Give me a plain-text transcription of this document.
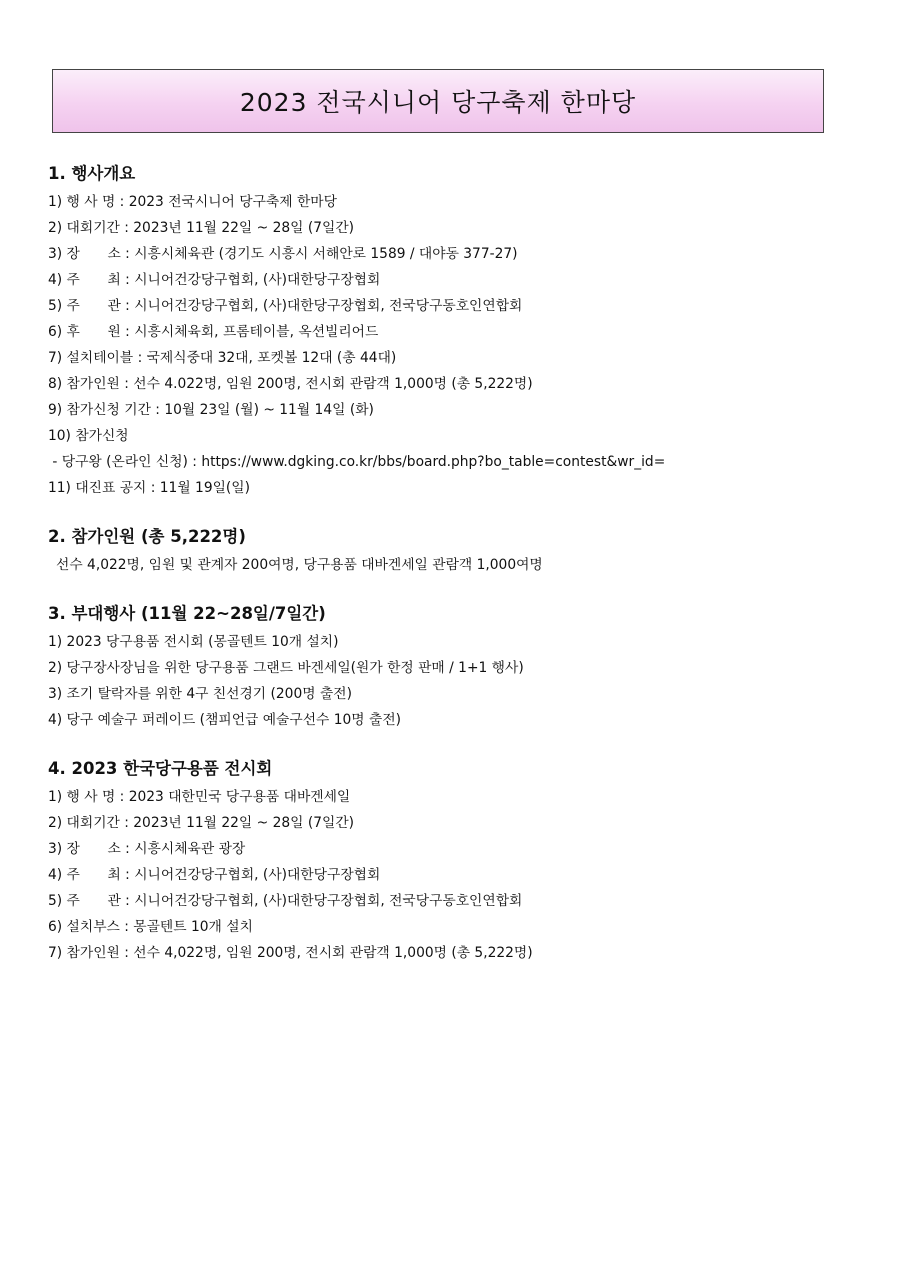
2023 전국시니어 당구축제 한마당
1. 행사개요
1) 행 사 명 : 2023 전국시니어 당구축제 한마당
2) 대회기간 : 2023년 11월 22일 ~ 28일 (7일간)
3) 장　　소 : 시흥시체육관 (경기도 시흥시 서해안로 1589 / 대야동 377-27)
4) 주　　최 : 시니어건강당구협회, (사)대한당구장협회
5) 주　　관 : 시니어건강당구협회, (사)대한당구장협회, 전국당구동호인연합회
6) 후　　원 : 시흥시체육회, 프롬테이블, 옥션빌리어드
7) 설치테이블 : 국제식중대 32대, 포켓볼 12대 (총 44대)
8) 참가인원 : 선수 4.022명, 임원 200명, 전시회 관람객 1,000명 (총 5,222명)
9) 참가신청 기간 : 10월 23일 (월) ~ 11월 14일 (화)
10) 참가신청
- 당구왕 (온라인 신청) : https://www.dgking.co.kr/bbs/board.php?bo_table=contest&wr_id=
11) 대진표 공지 : 11월 19일(일)
2. 참가인원 (총 5,222명)
선수 4,022명, 임원 및 관계자 200여명, 당구용품 대바겐세일 관람객 1,000여명
3. 부대행사 (11월 22~28일/7일간)
1) 2023 당구용품 전시회 (몽골텐트 10개 설치)
2) 당구장사장님을 위한 당구용품 그랜드 바겐세일(원가 한정 판매 / 1+1 행사)
3) 조기 탈락자를 위한 4구 친선경기 (200명 출전)
4) 당구 예술구 퍼레이드 (챔피언급 예술구선수 10명 출전)
4. 2023 한국당구용품 전시회
1) 행 사 명 : 2023 대한민국 당구용품 대바겐세일
2) 대회기간 : 2023년 11월 22일 ~ 28일 (7일간)
3) 장　　소 : 시흥시체육관 광장
4) 주　　최 : 시니어건강당구협회, (사)대한당구장협회
5) 주　　관 : 시니어건강당구협회, (사)대한당구장협회, 전국당구동호인연합회
6) 설치부스 : 몽골텐트 10개 설치
7) 참가인원 : 선수 4,022명, 임원 200명, 전시회 관람객 1,000명 (총 5,222명)
